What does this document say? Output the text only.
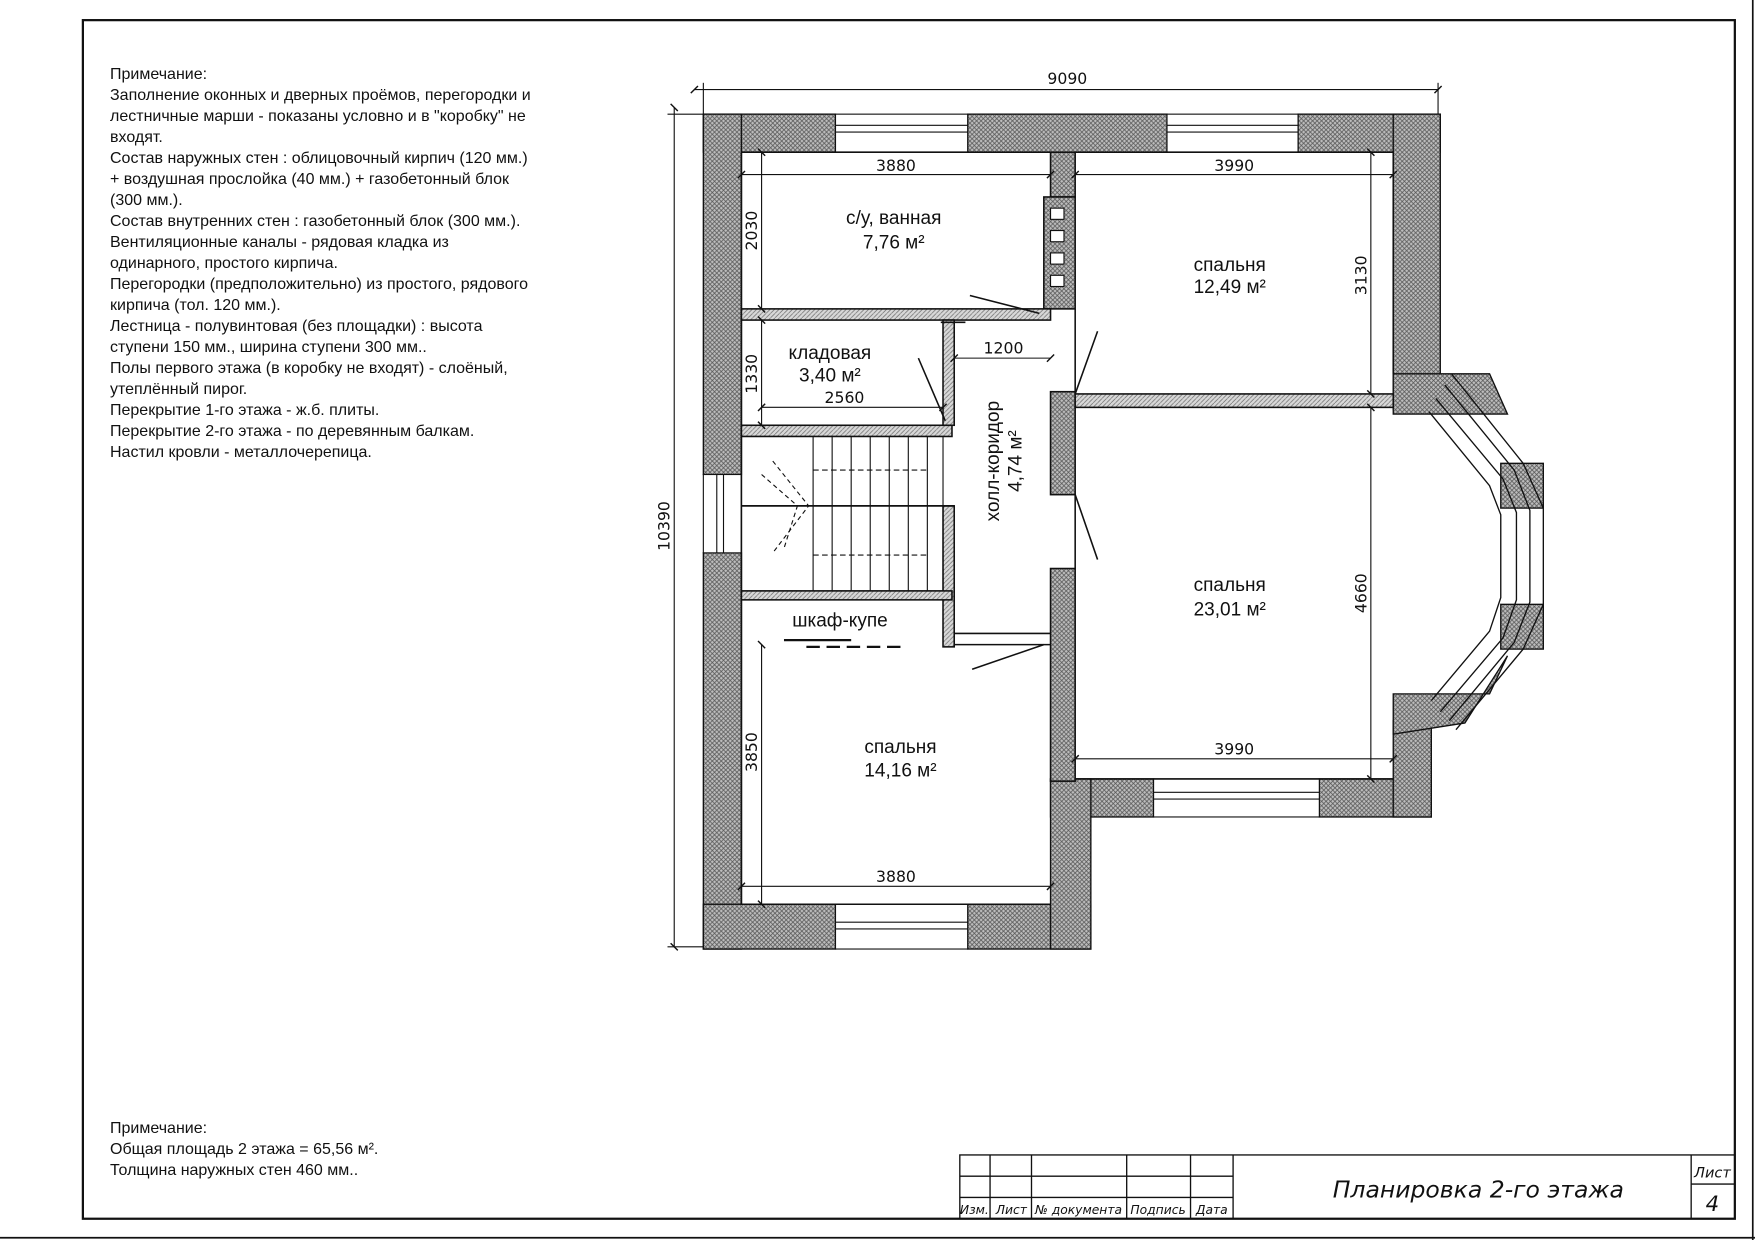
9090
10390
3880	3990
2030
3130
1330
2560
1200
4660
3990
3850
3880
с/у, ванная
7,76 м²
спальня
12,49 м²
кладовая
3,40 м²
холл-коридор 4,74 м²
спальня
23,01 м²
шкаф-купе
спальня
14,16 м²
Изм. Лист № документа Подпись Дата
Планировка 2-го этажа
Лист
4
Примечание:
Заполнение оконных и дверных проёмов, перегородки и
лестничные марши - показаны условно и в "коробку" не
входят.
Состав наружных стен : облицовочный кирпич (120 мм.)
+ воздушная прослойка (40 мм.) + газобетонный блок
(300 мм.).
Состав внутренних стен : газобетонный блок (300 мм.).
Вентиляционные каналы - рядовая кладка из
одинарного, простого кирпича.
Перегородки (предположительно) из простого, рядового
кирпича (тол. 120 мм.).
Лестница - полувинтовая (без площадки) : высота
ступени 150 мм., ширина ступени 300 мм..
Полы первого этажа (в коробку не входят) - слоёный,
утеплённый пирог.
Перекрытие 1-го этажа - ж.б. плиты.
Перекрытие 2-го этажа - по деревянным балкам.
Настил кровли - металлочерепица.
Примечание:
Общая площадь 2 этажа = 65,56 м².
Толщина наружных стен 460 мм..
